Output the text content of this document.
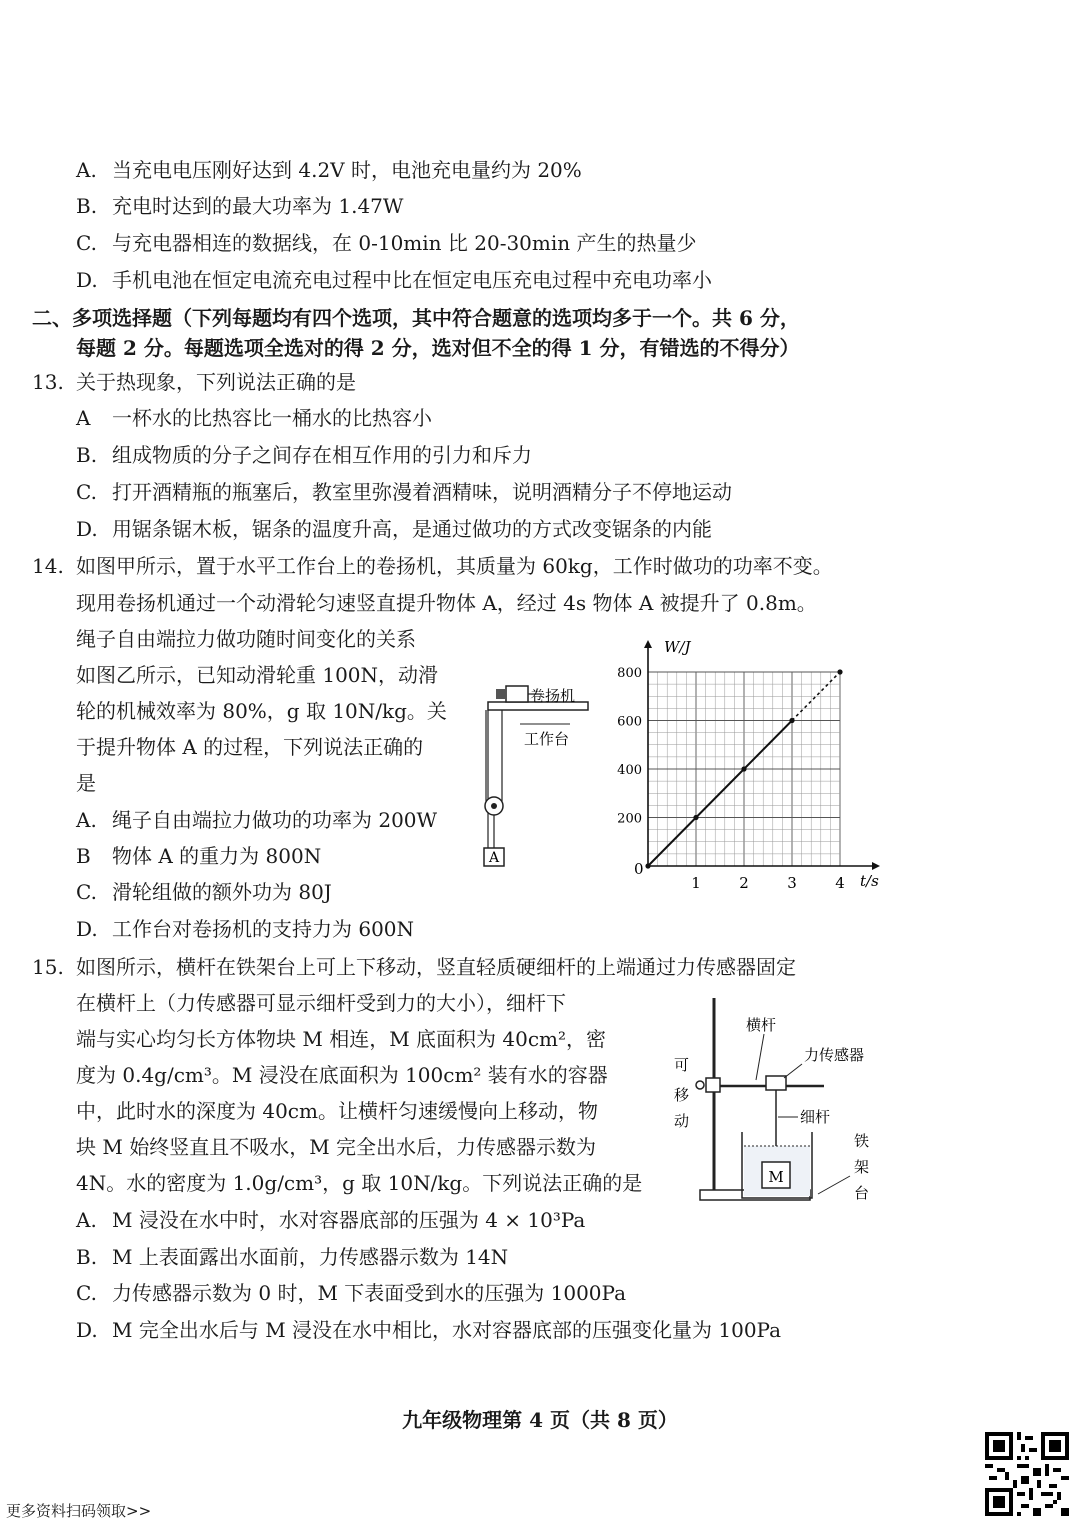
A. 当充电电压刚好达到 4.2V 时，电池充电量约为 20%
B. 充电时达到的最大功率为 1.47W
C. 与充电器相连的数据线，在 0-10min 比 20-30min 产生的热量少
D. 手机电池在恒定电流充电过程中比在恒定电压充电过程中充电功率小
二、多项选择题（下列每题均有四个选项，其中符合题意的选项均多于一个。共 6 分，
每题 2 分。每题选项全选对的得 2 分，选对但不全的得 1 分，有错选的不得分）
13. 关于热现象，下列说法正确的是
A 一杯水的比热容比一桶水的比热容小
B. 组成物质的分子之间存在相互作用的引力和斥力
C. 打开酒精瓶的瓶塞后，教室里弥漫着酒精味，说明酒精分子不停地运动
D. 用锯条锯木板，锯条的温度升高，是通过做功的方式改变锯条的内能
14. 如图甲所示，置于水平工作台上的卷扬机，其质量为 60kg，工作时做功的功率不变。
现用卷扬机通过一个动滑轮匀速竖直提升物体 A，经过 4s 物体 A 被提升了 0.8m。
绳子自由端拉力做功随时间变化的关系
如图乙所示，已知动滑轮重 100N，动滑
轮的机械效率为 80%，g 取 10N/kg。关
于提升物体 A 的过程，下列说法正确的
是
A. 绳子自由端拉力做功的功率为 200W
B 物体 A 的重力为 800N
C. 滑轮组做的额外功为 80J
D. 工作台对卷扬机的支持力为 600N
A
卷扬机
工作台
1	2	3	4
200
400
600
800
W/J
t/s
0
15. 如图所示，横杆在铁架台上可上下移动，竖直轻质硬细杆的上端通过力传感器固定
在横杆上（力传感器可显示细杆受到力的大小），细杆下
端与实心均匀长方体物块 M 相连，M 底面积为 40cm²，密
度为 0.4g/cm³。M 浸没在底面积为 100cm² 装有水的容器
中，此时水的深度为 40cm。让横杆匀速缓慢向上移动，物
块 M 始终竖直且不吸水，M 完全出水后，力传感器示数为
4N。水的密度为 1.0g/cm³，g 取 10N/kg。下列说法正确的是
A. M 浸没在水中时，水对容器底部的压强为 4 × 10³Pa
B. M 上表面露出水面前，力传感器示数为 14N
C. 力传感器示数为 0 时，M 下表面受到水的压强为 1000Pa
D. M 完全出水后与 M 浸没在水中相比，水对容器底部的压强变化量为 100Pa
M
横杆
力传感器
细杆
可
移
动
铁
架
台
九年级物理第 4 页（共 8 页）
更多资料扫码领取>>
